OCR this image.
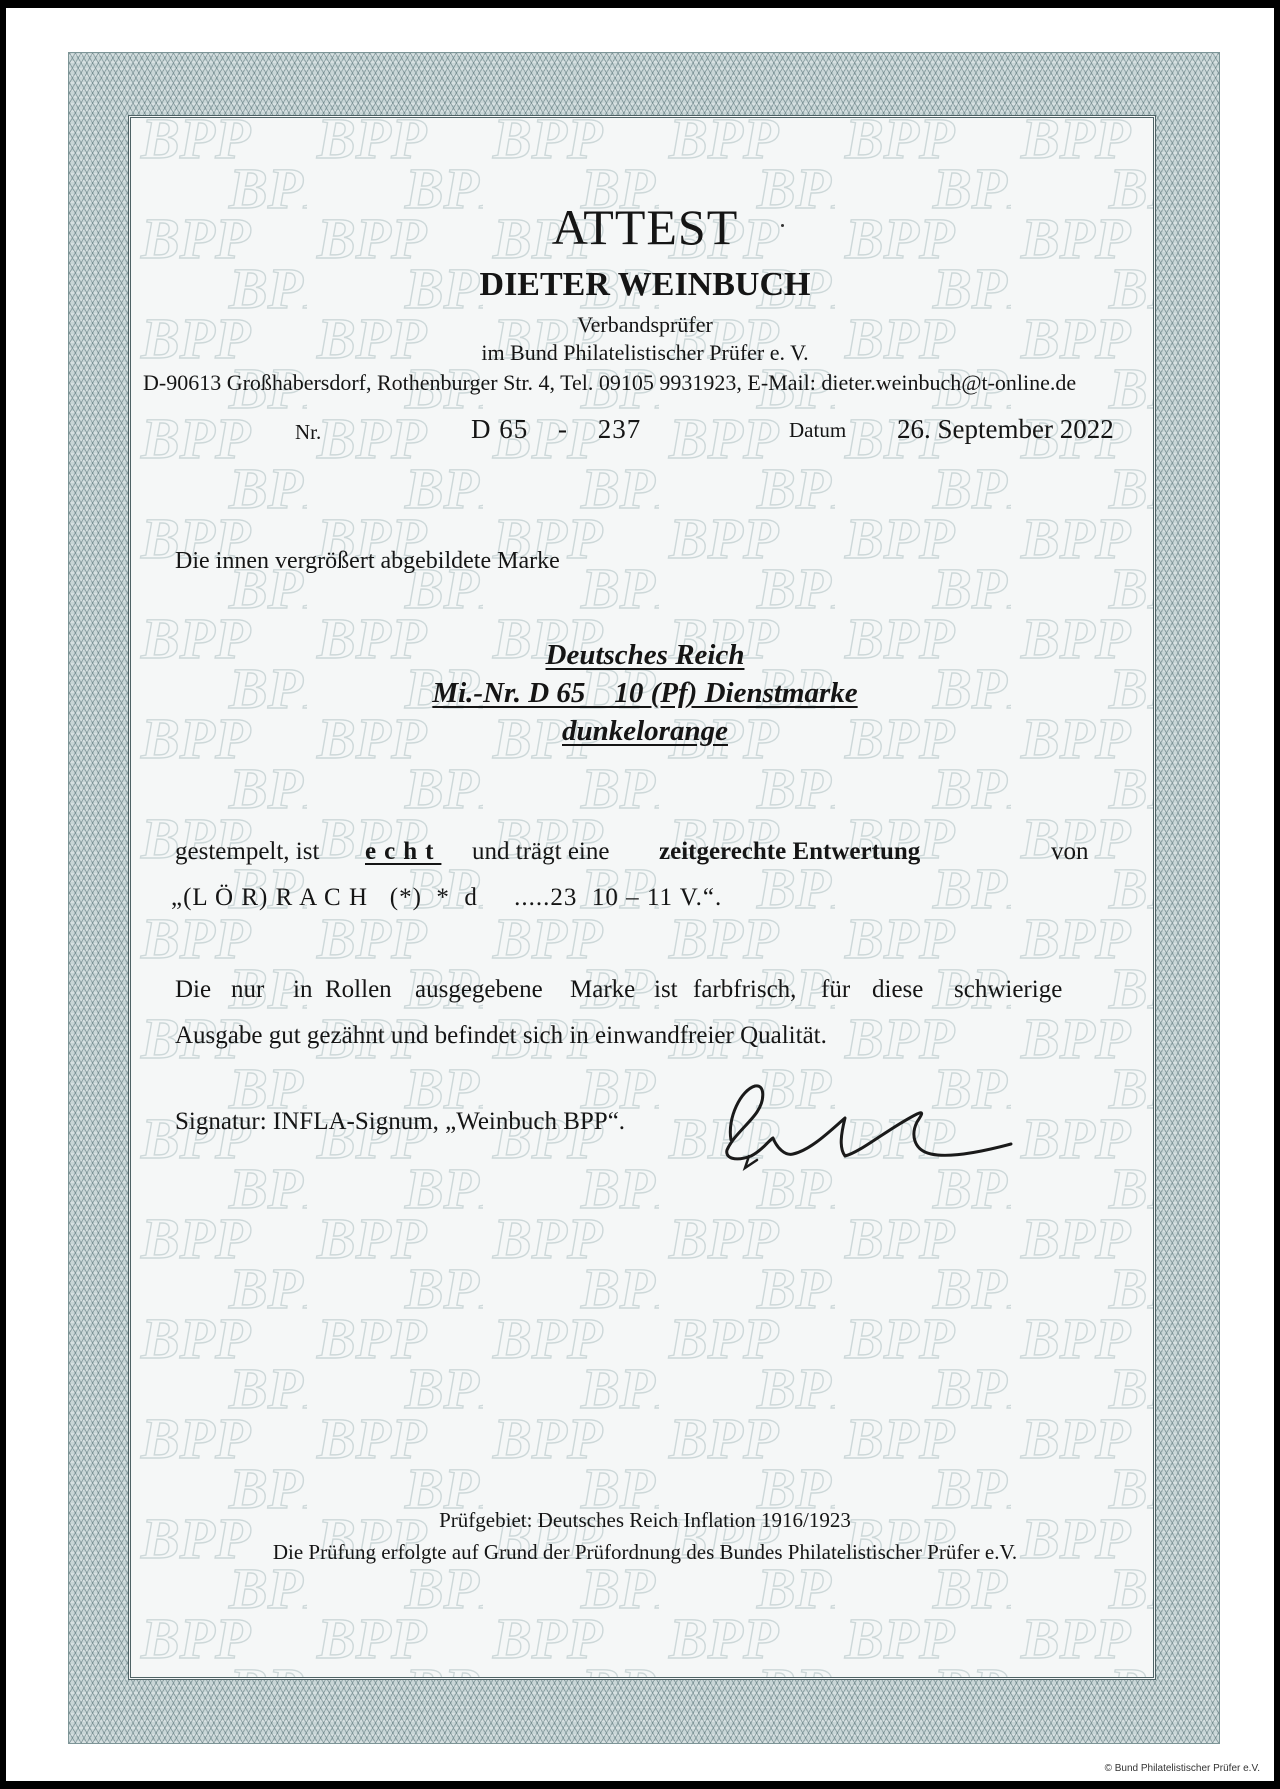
ATTEST
DIETER WEINBUCH
Verbandsprüfer
im Bund Philatelistischer Prüfer e. V.
D-90613 Großhabersdorf, Rothenburger Str. 4, Tel. 09105 9931923, E-Mail: dieter.weinbuch@t-online.de
Nr.	D 65 - 237	Datum 26. September 2022
Die innen vergrößert abgebildete Marke
Deutsches Reich
Mi.-Nr. D 65    10 (Pf) Dienstmarke
dunkelorange
gestempelt, ist echt und trägt eine zeitgerechte Entwertung	von
„(L Ö R) R A C H   (*)  *  d     .....23  10 – 11 V.“.
Die nur in Rollen ausgegebene Marke ist farbfrisch, für diese schwierige
Ausgabe gut gezähnt und befindet sich in einwandfreier Qualität.
Signatur: INFLA-Signum, „Weinbuch BPP“.
Prüfgebiet: Deutsches Reich Inflation 1916/1923
Die Prüfung erfolgte auf Grund der Prüfordnung des Bundes Philatelistischer Prüfer e.V.
© Bund Philatelistischer Prüfer e.V.
